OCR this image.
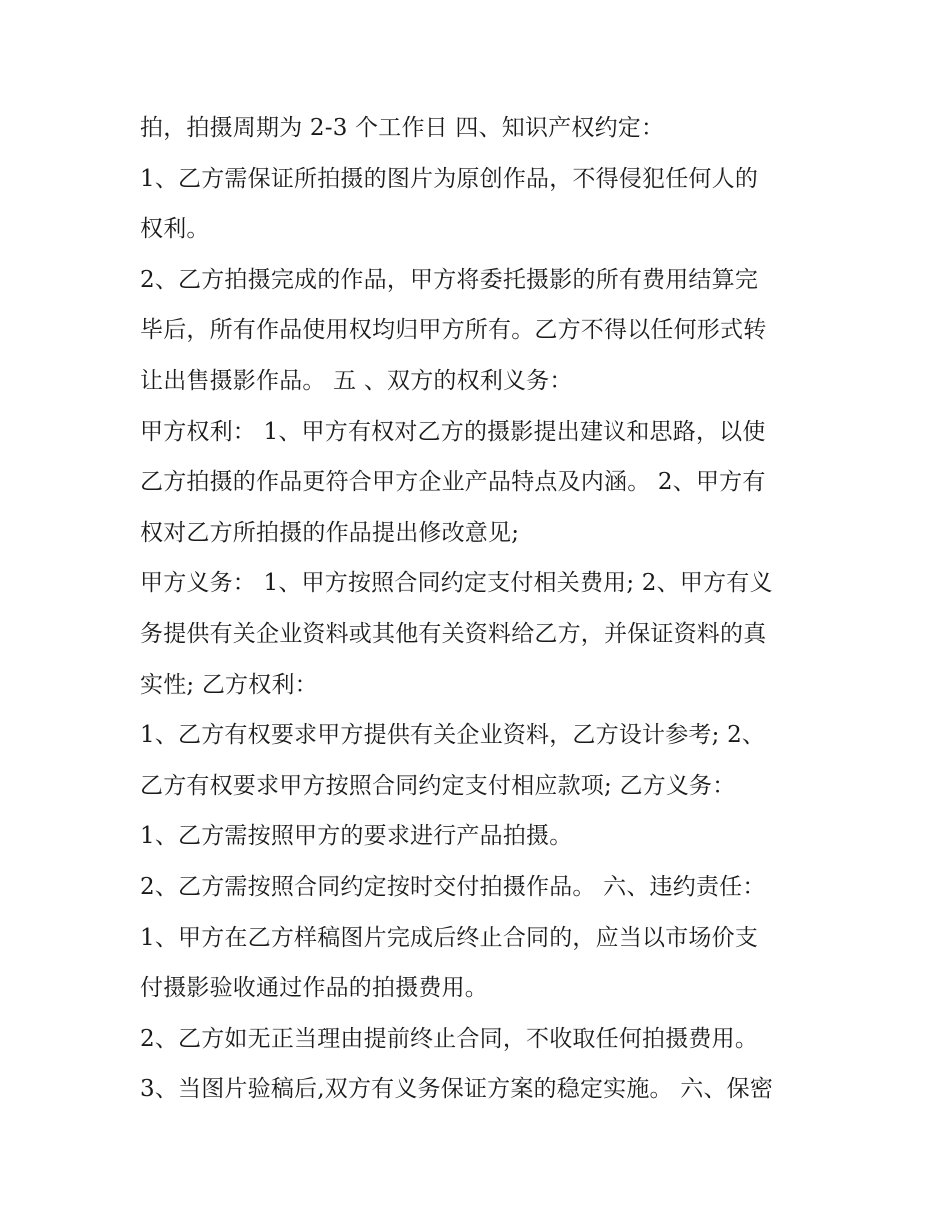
拍，拍摄周期为 2-3 个工作日 四、知识产权约定：
1、乙方需保证所拍摄的图片为原创作品，不得侵犯任何人的
权利。
2、乙方拍摄完成的作品，甲方将委托摄影的所有费用结算完
毕后，所有作品使用权均归甲方所有。乙方不得以任何形式转
让出售摄影作品。 五 、双方的权利义务：
甲方权利： 1、甲方有权对乙方的摄影提出建议和思路，以使
乙方拍摄的作品更符合甲方企业产品特点及内涵。 2、甲方有
权对乙方所拍摄的作品提出修改意见;
甲方义务： 1、甲方按照合同约定支付相关费用; 2、甲方有义
务提供有关企业资料或其他有关资料给乙方，并保证资料的真
实性; 乙方权利：
1、乙方有权要求甲方提供有关企业资料，乙方设计参考; 2、
乙方有权要求甲方按照合同约定支付相应款项; 乙方义务：
1、乙方需按照甲方的要求进行产品拍摄。
2、乙方需按照合同约定按时交付拍摄作品。 六、违约责任：
1、甲方在乙方样稿图片完成后终止合同的，应当以市场价支
付摄影验收通过作品的拍摄费用。
2、乙方如无正当理由提前终止合同，不收取任何拍摄费用。
3、当图片验稿后,双方有义务保证方案的稳定实施。 六、保密
